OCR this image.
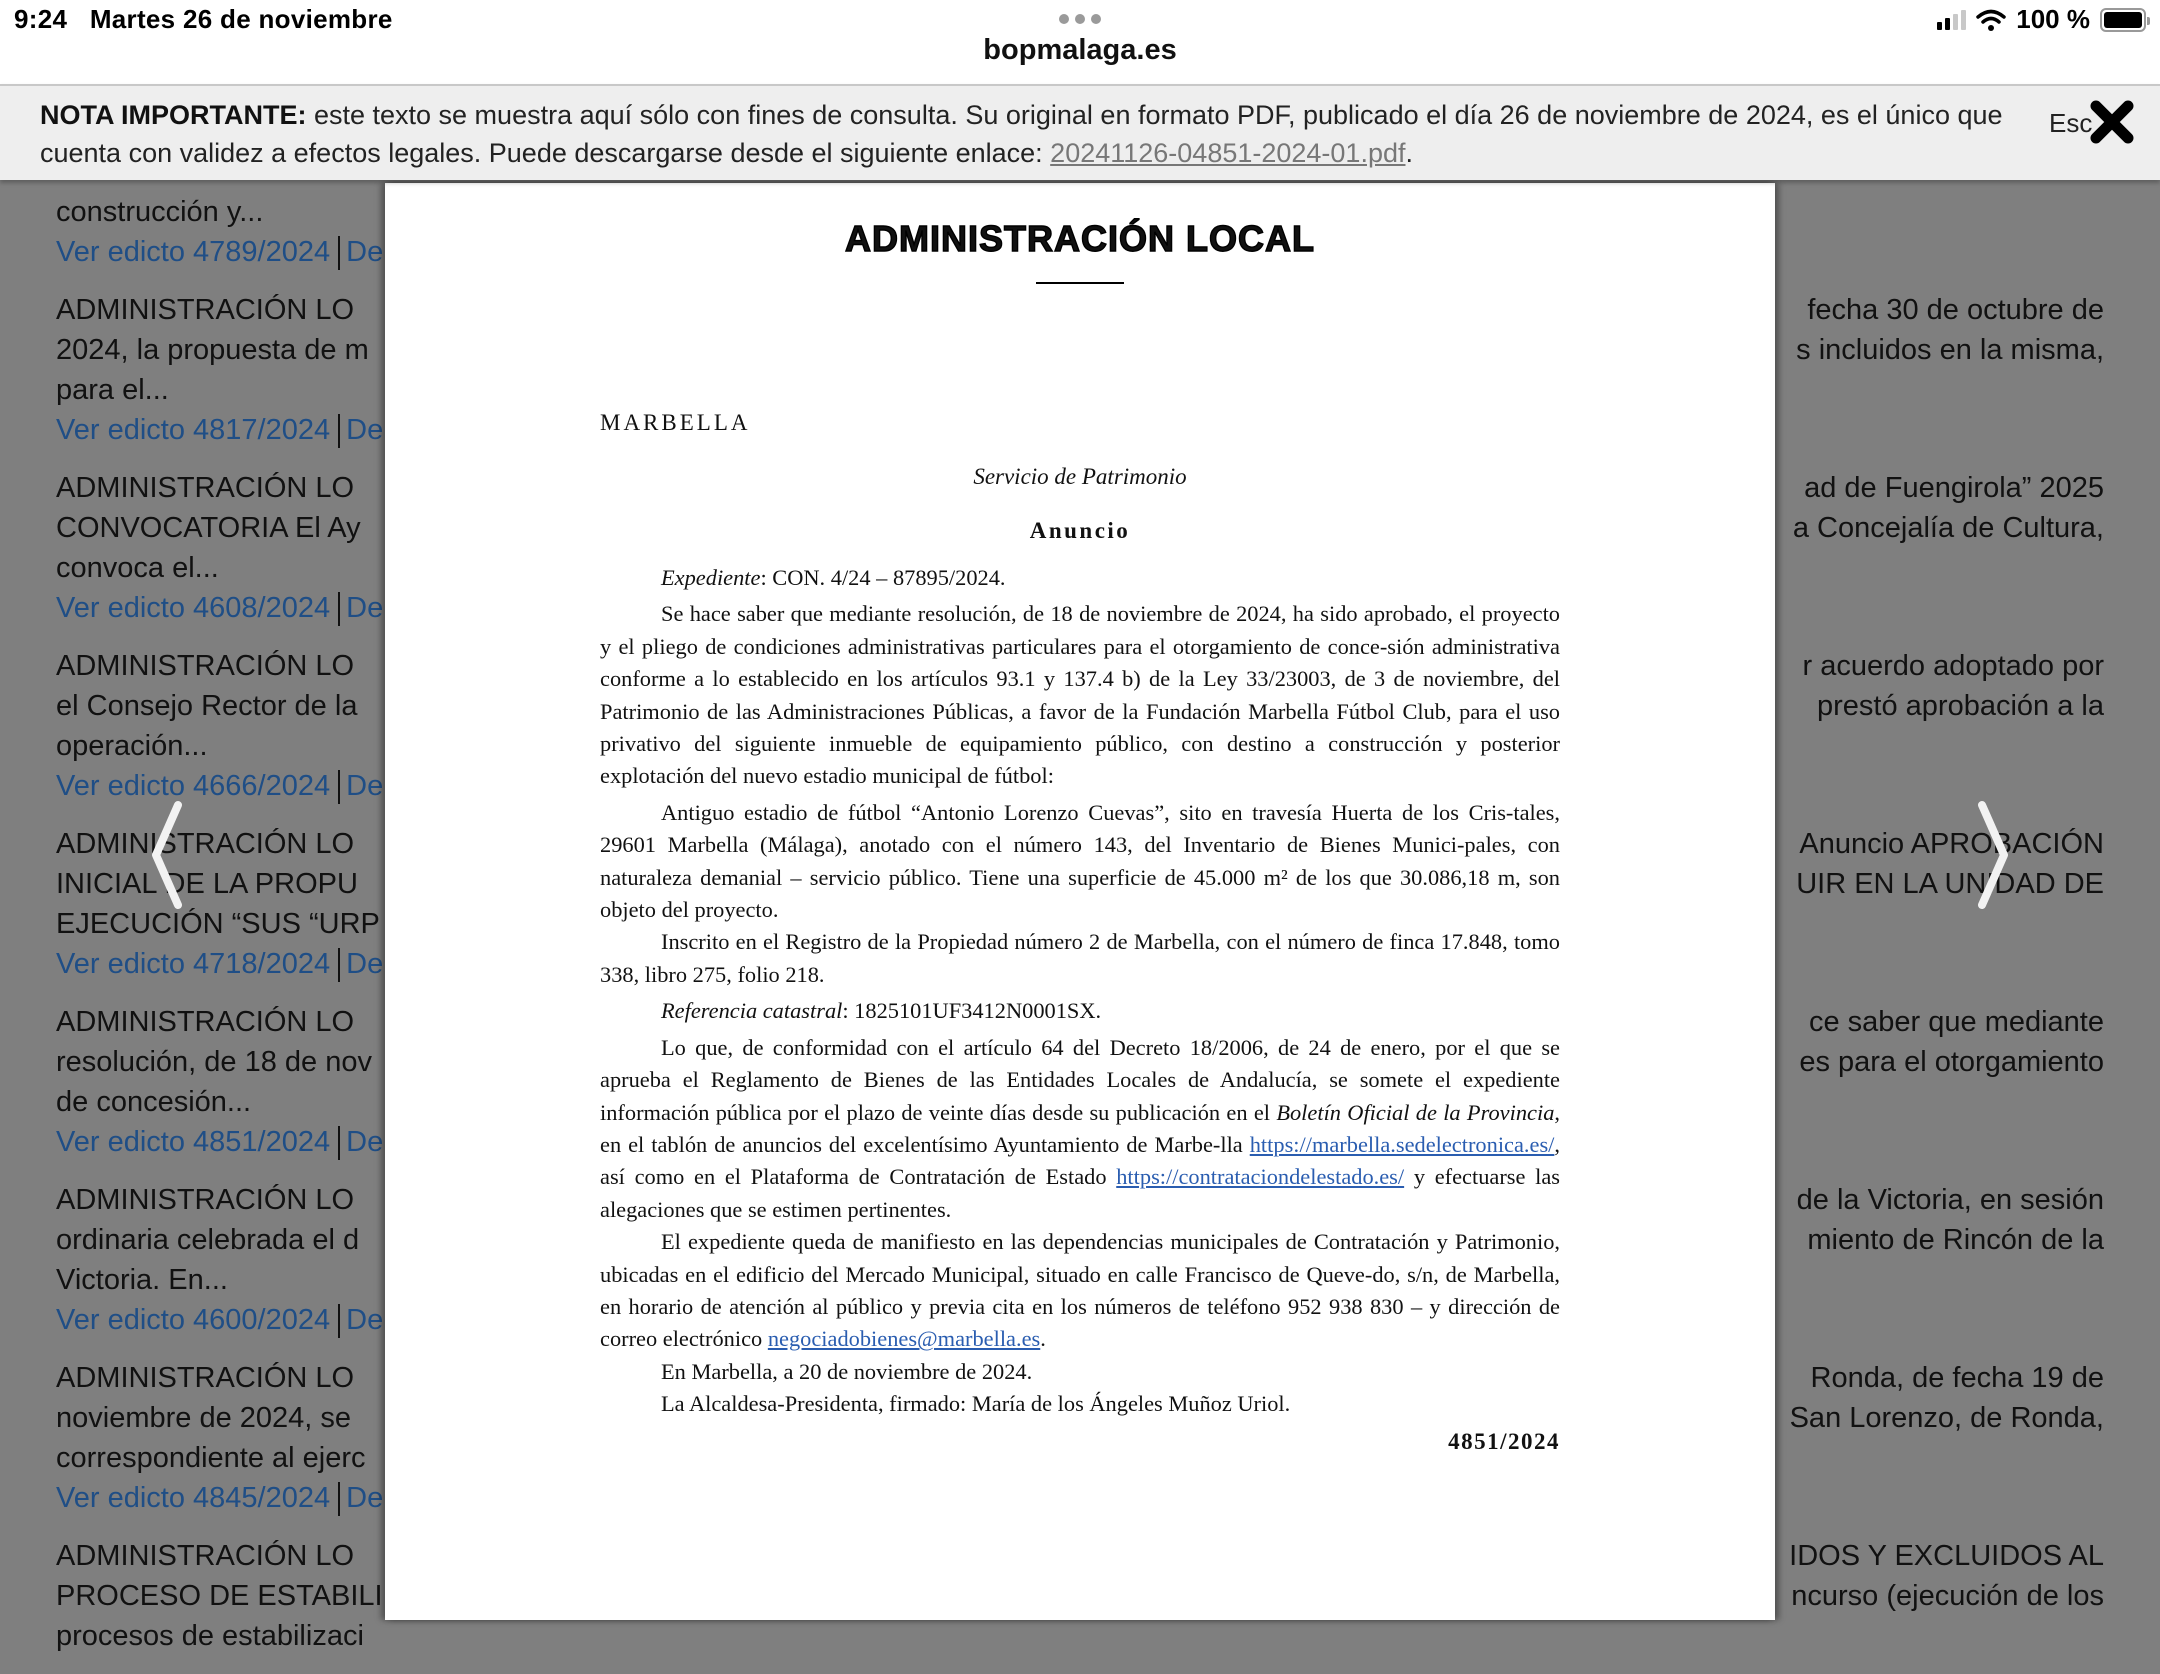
9:24 Martes 26 de noviembre	100 %
bopmalaga.es

NOTA IMPORTANTE: este texto se muestra aquí sólo con fines de consulta. Su original en formato PDF, publicado el día 26 de noviembre de 2024, es el único que cuenta con validez a efectos legales. Puede descargarse desde el siguiente enlace: 20241126-04851-2024-01.pdf.

Esc
construcción y...
Ver edicto 4789/2024 De
ADMINISTRACIÓN LO
2024, la propuesta de m
para el...
Ver edicto 4817/2024 De
ADMINISTRACIÓN LO
CONVOCATORIA El Ay
convoca el...
Ver edicto 4608/2024 De
ADMINISTRACIÓN LO
el Consejo Rector de la
operación...
Ver edicto 4666/2024 De
ADMINISTRACIÓN LO
INICIAL DE LA PROPU
EJECUCIÓN “SUS “URP
Ver edicto 4718/2024 De
ADMINISTRACIÓN LO
resolución, de 18 de nov
de concesión...
Ver edicto 4851/2024 De
ADMINISTRACIÓN LO
ordinaria celebrada el d
Victoria. En...
Ver edicto 4600/2024 De
ADMINISTRACIÓN LO
noviembre de 2024, se
correspondiente al ejerc
Ver edicto 4845/2024 De
ADMINISTRACIÓN LO
PROCESO DE ESTABILI
procesos de estabilizaci
fecha 30 de octubre de
s incluidos en la misma,
ad de Fuengirola” 2025
a Concejalía de Cultura,
r acuerdo adoptado por
prestó aprobación a la
Anuncio APROBACIÓN
UIR EN LA UNIDAD DE
ce saber que mediante
es para el otorgamiento
de la Victoria, en sesión
miento de Rincón de la
Ronda, de fecha 19 de
San Lorenzo, de Ronda,
IDOS Y EXCLUIDOS AL
ncurso (ejecución de los
ADMINISTRACIÓN LOCAL
MARBELLA
Servicio de Patrimonio
Anuncio

Expediente: CON. 4/24 – 87895/2024.

Se hace saber que mediante resolución, de 18 de noviembre de 2024, ha sido aprobado, el proyecto y el pliego de condiciones administrativas particulares para el otorgamiento de conce-sión administrativa conforme a lo establecido en los artículos 93.1 y 137.4 b) de la Ley 33/23003, de 3 de noviembre, del Patrimonio de las Administraciones Públicas, a favor de la Fundación Marbella Fútbol Club, para el uso privativo del siguiente inmueble de equipamiento público, con destino a construcción y posterior explotación del nuevo estadio municipal de fútbol:

Antiguo estadio de fútbol “Antonio Lorenzo Cuevas”, sito en travesía Huerta de los Cris-tales, 29601 Marbella (Málaga), anotado con el número 143, del Inventario de Bienes Munici-pales, con naturaleza demanial – servicio público. Tiene una superficie de 45.000 m² de los que 30.086,18 m, son objeto del proyecto.

Inscrito en el Registro de la Propiedad número 2 de Marbella, con el número de finca 17.848, tomo 338, libro 275, folio 218.

Referencia catastral: 1825101UF3412N0001SX.

Lo que, de conformidad con el artículo 64 del Decreto 18/2006, de 24 de enero, por el que se aprueba el Reglamento de Bienes de las Entidades Locales de Andalucía, se somete el expediente información pública por el plazo de veinte días desde su publicación en el Boletín Oficial de la Provincia, en el tablón de anuncios del excelentísimo Ayuntamiento de Marbe-lla https://marbella.sedelectronica.es/, así como en el Plataforma de Contratación de Estado https://contrataciondelestado.es/ y efectuarse las alegaciones que se estimen pertinentes.

El expediente queda de manifiesto en las dependencias municipales de Contratación y Patrimonio, ubicadas en el edificio del Mercado Municipal, situado en calle Francisco de Queve-do, s/n, de Marbella, en horario de atención al público y previa cita en los números de teléfono 952 938 830 – y dirección de correo electrónico negociadobienes@marbella.es.

En Marbella, a 20 de noviembre de 2024.

La Alcaldesa-Presidenta, firmado: María de los Ángeles Muñoz Uriol.

4851/2024
